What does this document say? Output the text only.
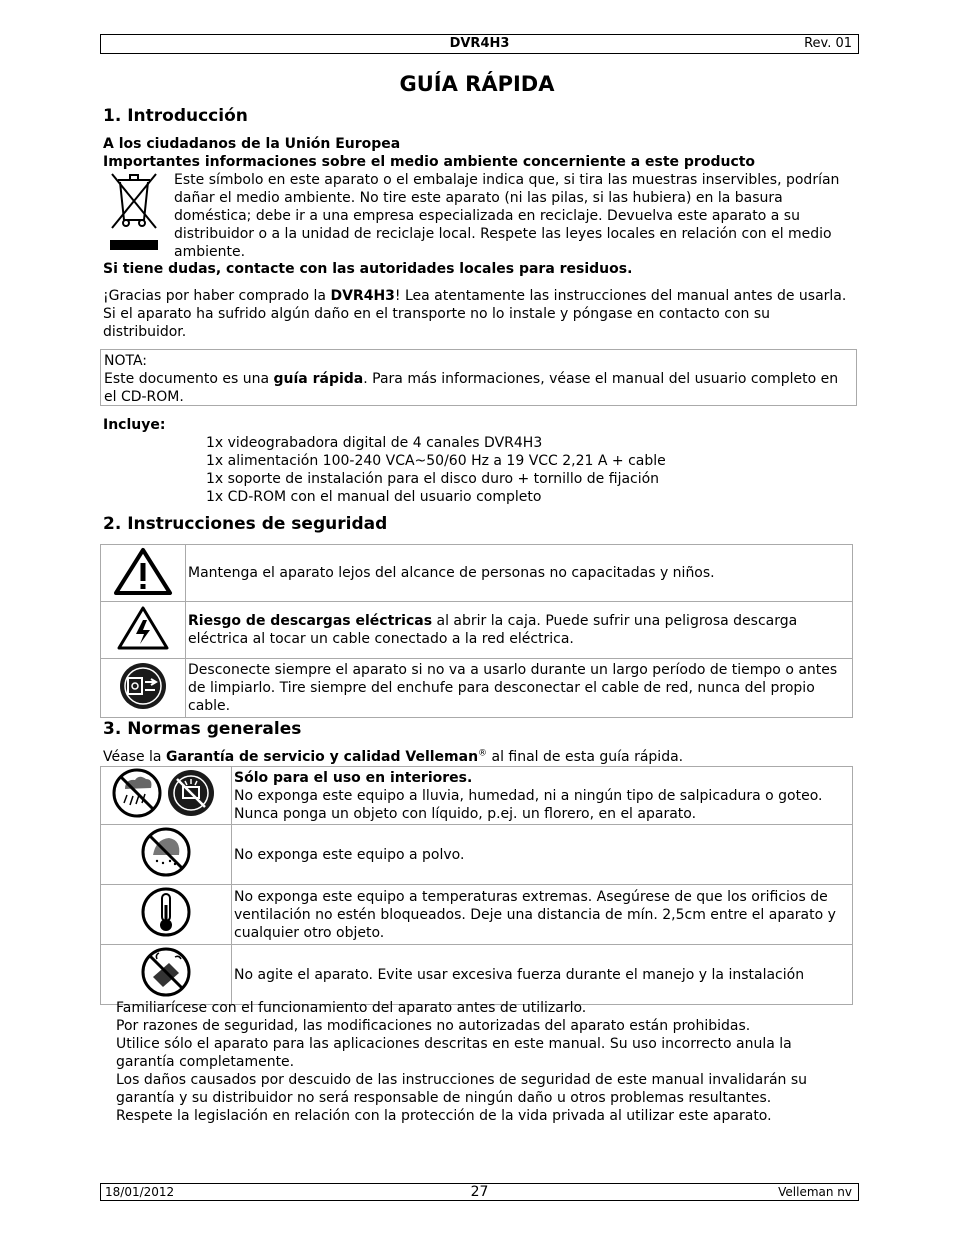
DVR4H3	Rev. 01
GUÍA RÁPIDA
1. Introducción
A los ciudadanos de la Unión Europea
Importantes informaciones sobre el medio ambiente concerniente a este producto
Este símbolo en este aparato o el embalaje indica que, si tira las muestras inservibles, podrían dañar el medio ambiente. No tire este aparato (ni las pilas, si las hubiera) en la basura doméstica; debe ir a una empresa especializada en reciclaje. Devuelva este aparato a su distribuidor o a la unidad de reciclaje local. Respete las leyes locales en relación con el medio ambiente.
Si tiene dudas, contacte con las autoridades locales para residuos.
¡Gracias por haber comprado la DVR4H3! Lea atentamente las instrucciones del manual antes de usarla. Si el aparato ha sufrido algún daño en el transporte no lo instale y póngase en contacto con su distribuidor.
NOTA:
Este documento es una guía rápida. Para más informaciones, véase el manual del usuario completo en el CD-ROM.
Incluye:
1x videograbadora digital de 4 canales DVR4H3
1x alimentación 100-240 VCA~50/60 Hz a 19 VCC 2,21 A + cable
1x soporte de instalación para el disco duro + tornillo de fijación
1x CD-ROM con el manual del usuario completo
2. Instrucciones de seguridad
	Mantenga el aparato lejos del alcance de personas no capacitadas y niños.
	Riesgo de descargas eléctricas al abrir la caja. Puede sufrir una peligrosa descarga eléctrica al tocar un cable conectado a la red eléctrica.
	Desconecte siempre el aparato si no va a usarlo durante un largo período de tiempo o antes de limpiarlo. Tire siempre del enchufe para desconectar el cable de red, nunca del propio cable.
3. Normas generales
Véase la Garantía de servicio y calidad Velleman® al final de esta guía rápida.
	Sólo para el uso en interiores.
No exponga este equipo a lluvia, humedad, ni a ningún tipo de salpicadura o goteo. Nunca ponga un objeto con líquido, p.ej. un florero, en el aparato.
	No exponga este equipo a polvo.
	No exponga este equipo a temperaturas extremas. Asegúrese de que los orificios de ventilación no estén bloqueados. Deje una distancia de mín. 2,5cm entre el aparato y cualquier otro objeto.
	No agite el aparato. Evite usar excesiva fuerza durante el manejo y la instalación
Familiarícese con el funcionamiento del aparato antes de utilizarlo.
Por razones de seguridad, las modificaciones no autorizadas del aparato están prohibidas.
Utilice sólo el aparato para las aplicaciones descritas en este manual. Su uso incorrecto anula la garantía completamente.
Los daños causados por descuido de las instrucciones de seguridad de este manual invalidarán su garantía y su distribuidor no será responsable de ningún daño u otros problemas resultantes.
Respete la legislación en relación con la protección de la vida privada al utilizar este aparato.
18/01/2012	27	Velleman nv
